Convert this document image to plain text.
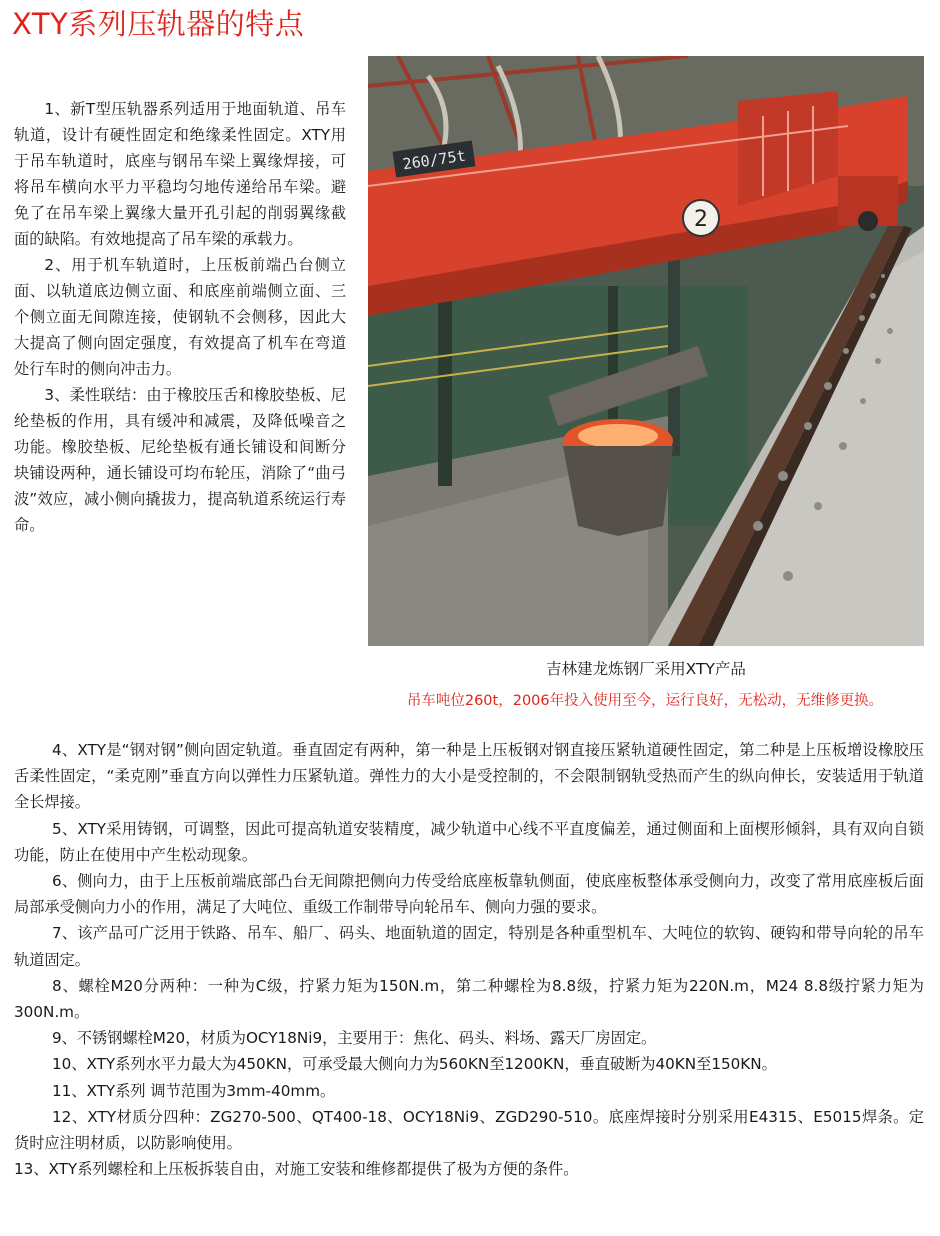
XTY系列压轨器的特点

1、新T型压轨器系列适用于地面轨道、吊车轨道，设计有硬性固定和绝缘柔性固定。XTY用于吊车轨道时，底座与钢吊车梁上翼缘焊接，可将吊车横向水平力平稳均匀地传递给吊车梁。避免了在吊车梁上翼缘大量开孔引起的削弱翼缘截面的缺陷。有效地提高了吊车梁的承载力。

2、用于机车轨道时，上压板前端凸台侧立面、以轨道底边侧立面、和底座前端侧立面、三个侧立面无间隙连接，使钢轨不会侧移，因此大大提高了侧向固定强度，有效提高了机车在弯道处行车时的侧向冲击力。

3、柔性联结：由于橡胶压舌和橡胶垫板、尼纶垫板的作用，具有缓冲和减震，及降低噪音之功能。橡胶垫板、尼纶垫板有通长铺设和间断分块铺设两种，通长铺设可均布轮压，消除了“曲弓波”效应，减小侧向撬拔力，提高轨道系统运行寿命。

260/75t
2
吉林建龙炼钢厂采用XTY产品
吊车吨位260t，2006年投入使用至今，运行良好，无松动，无维修更换。

4、XTY是“钢对钢”侧向固定轨道。垂直固定有两种，第一种是上压板钢对钢直接压紧轨道硬性固定，第二种是上压板增设橡胶压舌柔性固定，“柔克刚”垂直方向以弹性力压紧轨道。弹性力的大小是受控制的，不会限制钢轨受热而产生的纵向伸长，安装适用于轨道全长焊接。

5、XTY采用铸钢，可调整，因此可提高轨道安装精度，减少轨道中心线不平直度偏差，通过侧面和上面楔形倾斜，具有双向自锁功能，防止在使用中产生松动现象。

6、侧向力，由于上压板前端底部凸台无间隙把侧向力传受给底座板靠轨侧面，使底座板整体承受侧向力，改变了常用底座板后面局部承受侧向力小的作用，满足了大吨位、重级工作制带导向轮吊车、侧向力强的要求。

7、该产品可广泛用于铁路、吊车、船厂、码头、地面轨道的固定，特别是各种重型机车、大吨位的软钩、硬钩和带导向轮的吊车轨道固定。

8、螺栓M20分两种：一种为C级，拧紧力矩为150N.m，第二种螺栓为8.8级，拧紧力矩为220N.m，M24 8.8级拧紧力矩为300N.m。

9、不锈钢螺栓M20，材质为OCY18Ni9，主要用于：焦化、码头、料场、露天厂房固定。

10、XTY系列水平力最大为450KN，可承受最大侧向力为560KN至1200KN，垂直破断为40KN至150KN。

11、XTY系列 调节范围为3mm-40mm。

12、XTY材质分四种：ZG270-500、QT400-18、OCY18Ni9、ZGD290-510。底座焊接时分别采用E4315、E5015焊条。定货时应注明材质，以防影响使用。

13、XTY系列螺栓和上压板拆装自由，对施工安装和维修都提供了极为方便的条件。
